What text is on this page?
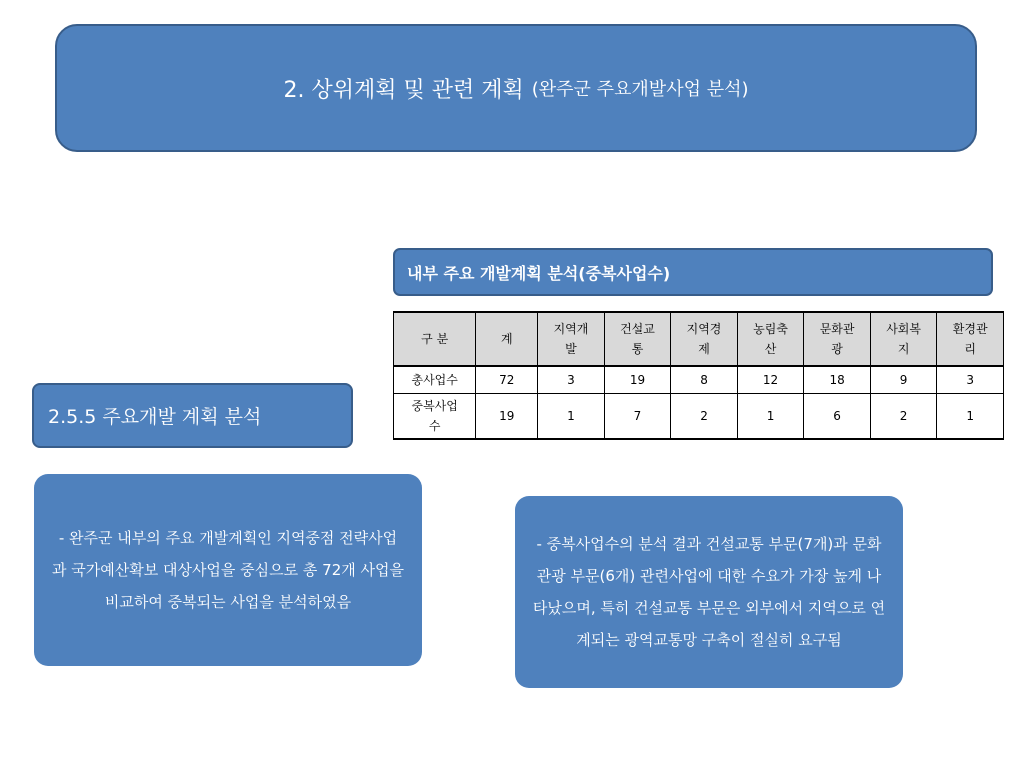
2. 상위계획 및 관련 계획 (완주군 주요개발사업 분석)
내부 주요 개발계획 분석(중복사업수)
구 분	계	지역개발	건설교통	지역경제	농림축산	문화관광	사회복지	환경관리
총사업수	72	3	19	8	12	18	9	3
중복사업수	19	1	7	2	1	6	2	1
2.5.5 주요개발 계획 분석
- 완주군 내부의 주요 개발계획인 지역중점 전략사업과 국가예산확보 대상사업을 중심으로 총 72개 사업을 비교하여 중복되는 사업을 분석하였음
- 중복사업수의 분석 결과 건설교통 부문(7개)과 문화관광 부문(6개) 관련사업에 대한 수요가 가장 높게 나타났으며, 특히 건설교통 부문은 외부에서 지역으로 연계되는 광역교통망 구축이 절실히 요구됨
